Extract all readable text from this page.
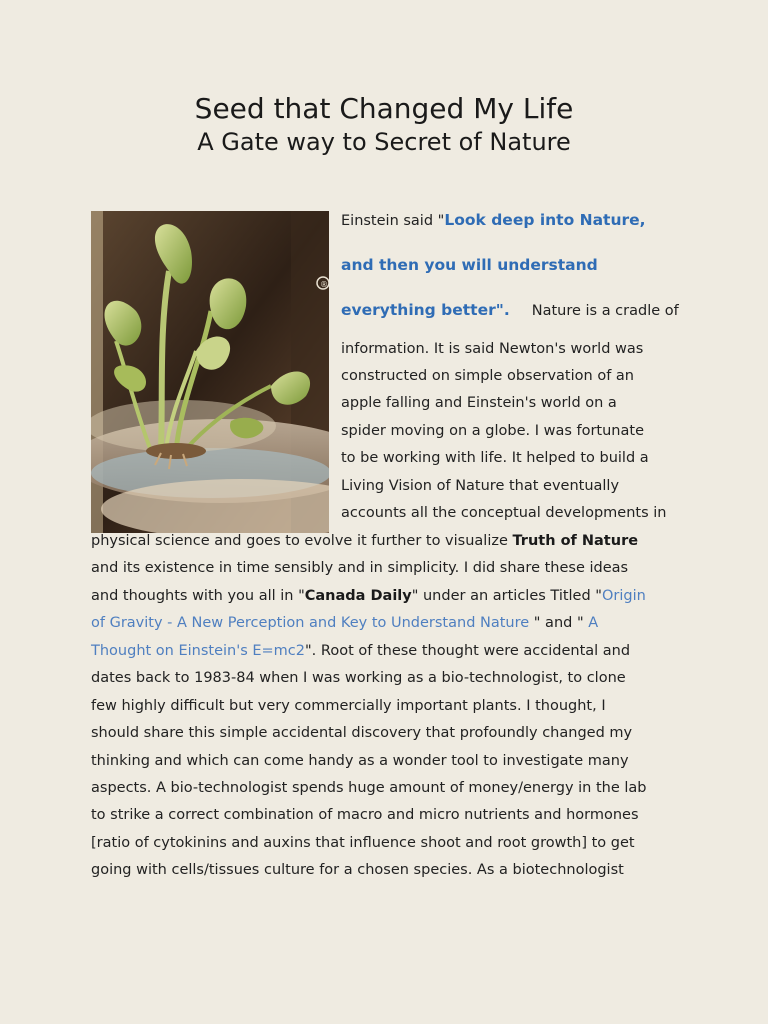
Seed that Changed My Life
A Gate way to Secret of Nature
®
Einstein said "Look deep into Nature,
and then you will understand
everything better". Nature is a cradle of
information. It is said Newton's world was
constructed on simple observation of an
apple falling and Einstein's world on a
spider moving on a globe. I was fortunate
to be working with life. It helped to build a
Living Vision of Nature that eventually
accounts all the conceptual developments in
physical science and goes to evolve it further to visualize Truth of Nature
and its existence in time sensibly and in simplicity. I did share these ideas
and thoughts with you all in "Canada Daily" under an articles Titled "Origin
of Gravity - A New Perception and Key to Understand Nature " and " A
Thought on Einstein's E=mc2". Root of these thought were accidental and
dates back to 1983-84 when I was working as a bio-technologist, to clone
few highly difficult but very commercially important plants. I thought, I
should share this simple accidental discovery that profoundly changed my
thinking and which can come handy as a wonder tool to investigate many
aspects. A bio-technologist spends huge amount of money/energy in the lab
to strike a correct combination of macro and micro nutrients and hormones
[ratio of cytokinins and auxins that influence shoot and root growth] to get
going with cells/tissues culture for a chosen species. As a biotechnologist
